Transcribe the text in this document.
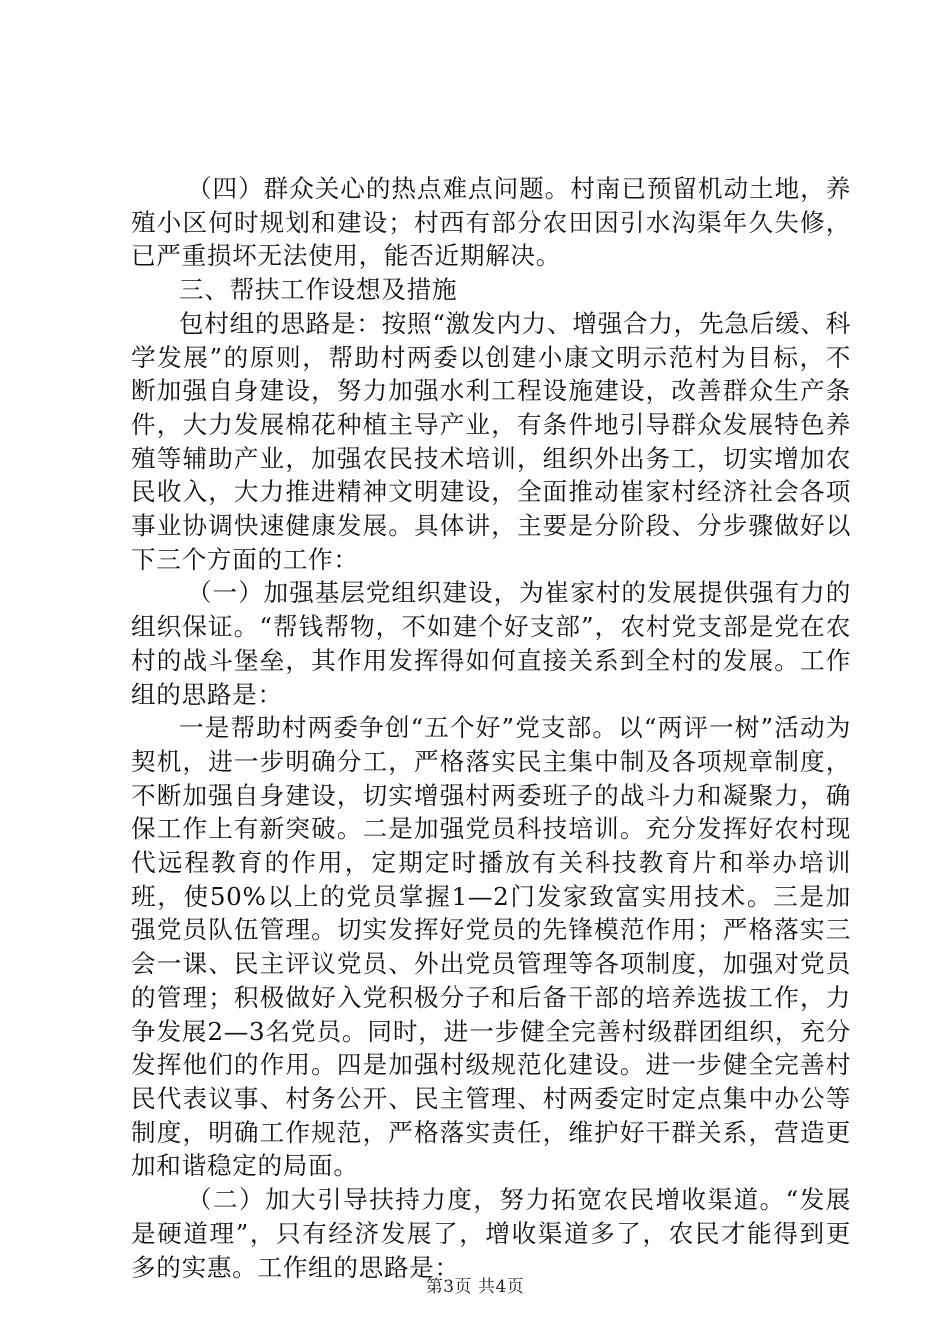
（四）群众关心的热点难点问题。村南已预留机动土地，养殖小区何时规划和建设；村西有部分农田因引水沟渠年久失修，已严重损坏无法使用，能否近期解决。

三、帮扶工作设想及措施

包村组的思路是：按照“激发内力、增强合力，先急后缓、科学发展”的原则，帮助村两委以创建小康文明示范村为目标，不断加强自身建设，努力加强水利工程设施建设，改善群众生产条件，大力发展棉花种植主导产业，有条件地引导群众发展特色养殖等辅助产业，加强农民技术培训，组织外出务工，切实增加农民收入，大力推进精神文明建设，全面推动崔家村经济社会各项事业协调快速健康发展。具体讲，主要是分阶段、分步骤做好以下三个方面的工作：

（一）加强基层党组织建设，为崔家村的发展提供强有力的组织保证。“帮钱帮物，不如建个好支部”，农村党支部是党在农村的战斗堡垒，其作用发挥得如何直接关系到全村的发展。工作组的思路是：

一是帮助村两委争创“五个好”党支部。以“两评一树”活动为契机，进一步明确分工，严格落实民主集中制及各项规章制度，不断加强自身建设，切实增强村两委班子的战斗力和凝聚力，确保工作上有新突破。二是加强党员科技培训。充分发挥好农村现代远程教育的作用，定期定时播放有关科技教育片和举办培训班，使50%以上的党员掌握1—2门发家致富实用技术。三是加强党员队伍管理。切实发挥好党员的先锋模范作用；严格落实三会一课、民主评议党员、外出党员管理等各项制度，加强对党员的管理；积极做好入党积极分子和后备干部的培养选拔工作，力争发展2—3名党员。同时，进一步健全完善村级群团组织，充分发挥他们的作用。四是加强村级规范化建设。进一步健全完善村民代表议事、村务公开、民主管理、村两委定时定点集中办公等制度，明确工作规范，严格落实责任，维护好干群关系，营造更加和谐稳定的局面。

（二）加大引导扶持力度，努力拓宽农民增收渠道。“发展是硬道理”，只有经济发展了，增收渠道多了，农民才能得到更多的实惠。工作组的思路是：

第3页 共4页
